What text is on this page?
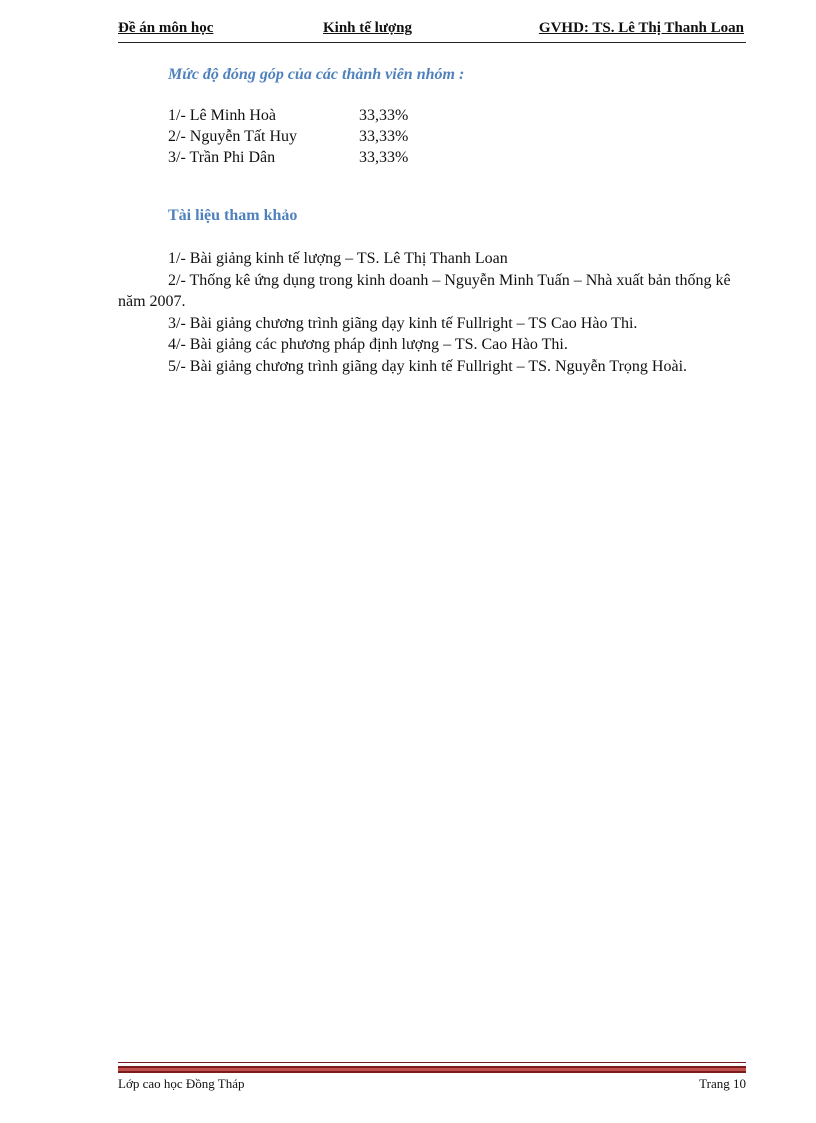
Đề án môn học	Kinh tế lượng	GVHD: TS. Lê Thị Thanh Loan
Mức độ đóng góp của các thành viên nhóm :
1/- Lê Minh Hoà	33,33%
2/- Nguyễn Tất Huy	33,33%
3/- Trần Phi Dân	33,33%
Tài liệu tham khảo

1/- Bài giảng kinh tế lượng – TS. Lê Thị Thanh Loan

2/- Thống kê ứng dụng trong kinh doanh – Nguyễn Minh Tuấn – Nhà xuất bản thống kê năm 2007.

3/- Bài giảng chương trình giãng dạy kinh tế Fullright – TS Cao Hào Thi.

4/- Bài giảng các phương pháp định lượng – TS. Cao Hào Thi.

5/- Bài giảng chương trình giãng dạy kinh tế Fullright – TS. Nguyễn Trọng Hoài.

Lớp cao học Đồng Tháp	Trang 10
